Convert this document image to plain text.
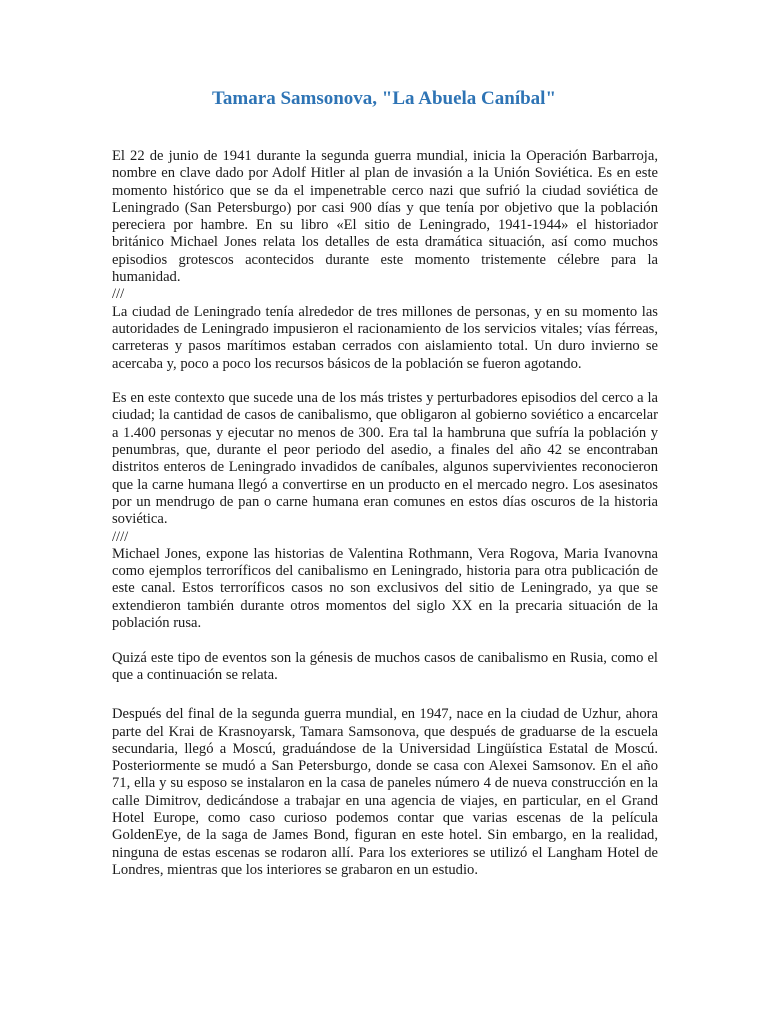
Tamara Samsonova, "La Abuela Caníbal"

El 22 de junio de 1941 durante la segunda guerra mundial, inicia la Operación Barbarroja, nombre en clave dado por Adolf Hitler al plan de invasión a la Unión Soviética. Es en este momento histórico que se da el impenetrable cerco nazi que sufrió la ciudad soviética de Leningrado (San Petersburgo) por casi 900 días y que tenía por objetivo que la población pereciera por hambre. En su libro «El sitio de Leningrado, 1941-1944» el historiador británico Michael Jones relata los detalles de esta dramática situación, así como muchos episodios grotescos acontecidos durante este momento tristemente célebre para la humanidad.

///

La ciudad de Leningrado tenía alrededor de tres millones de personas, y en su momento las autoridades de Leningrado impusieron el racionamiento de los servicios vitales; vías férreas, carreteras y pasos marítimos estaban cerrados con aislamiento total. Un duro invierno se acercaba y, poco a poco los recursos básicos de la población se fueron agotando.

Es en este contexto que sucede una de los más tristes y perturbadores episodios del cerco a la ciudad; la cantidad de casos de canibalismo, que obligaron al gobierno soviético a encarcelar a 1.400 personas y ejecutar no menos de 300. Era tal la hambruna que sufría la población y penumbras, que, durante el peor periodo del asedio, a finales del año 42 se encontraban distritos enteros de Leningrado invadidos de caníbales, algunos supervivientes reconocieron que la carne humana llegó a convertirse en un producto en el mercado negro. Los asesinatos por un mendrugo de pan o carne humana eran comunes en estos días oscuros de la historia soviética.

////

Michael Jones, expone las historias de Valentina Rothmann, Vera Rogova, Maria Ivanovna como ejemplos terroríficos del canibalismo en Leningrado, historia para otra publicación de este canal. Estos terroríficos casos no son exclusivos del sitio de Leningrado, ya que se extendieron también durante otros momentos del siglo XX en la precaria situación de la población rusa.

Quizá este tipo de eventos son la génesis de muchos casos de canibalismo en Rusia, como el que a continuación se relata.

Después del final de la segunda guerra mundial, en 1947, nace en la ciudad de Uzhur, ahora parte del Krai de Krasnoyarsk, Tamara Samsonova, que después de graduarse de la escuela secundaria, llegó a Moscú, graduándose de la Universidad Lingüística Estatal de Moscú. Posteriormente se mudó a San Petersburgo, donde se casa con Alexei Samsonov. En el año 71, ella y su esposo se instalaron en la casa de paneles número 4 de nueva construcción en la calle Dimitrov, dedicándose a trabajar en una agencia de viajes, en particular, en el Grand Hotel Europe, como caso curioso podemos contar que varias escenas de la película GoldenEye, de la saga de James Bond, figuran en este hotel. Sin embargo, en la realidad, ninguna de estas escenas se rodaron allí. Para los exteriores se utilizó el Langham Hotel de Londres, mientras que los interiores se grabaron en un estudio.
